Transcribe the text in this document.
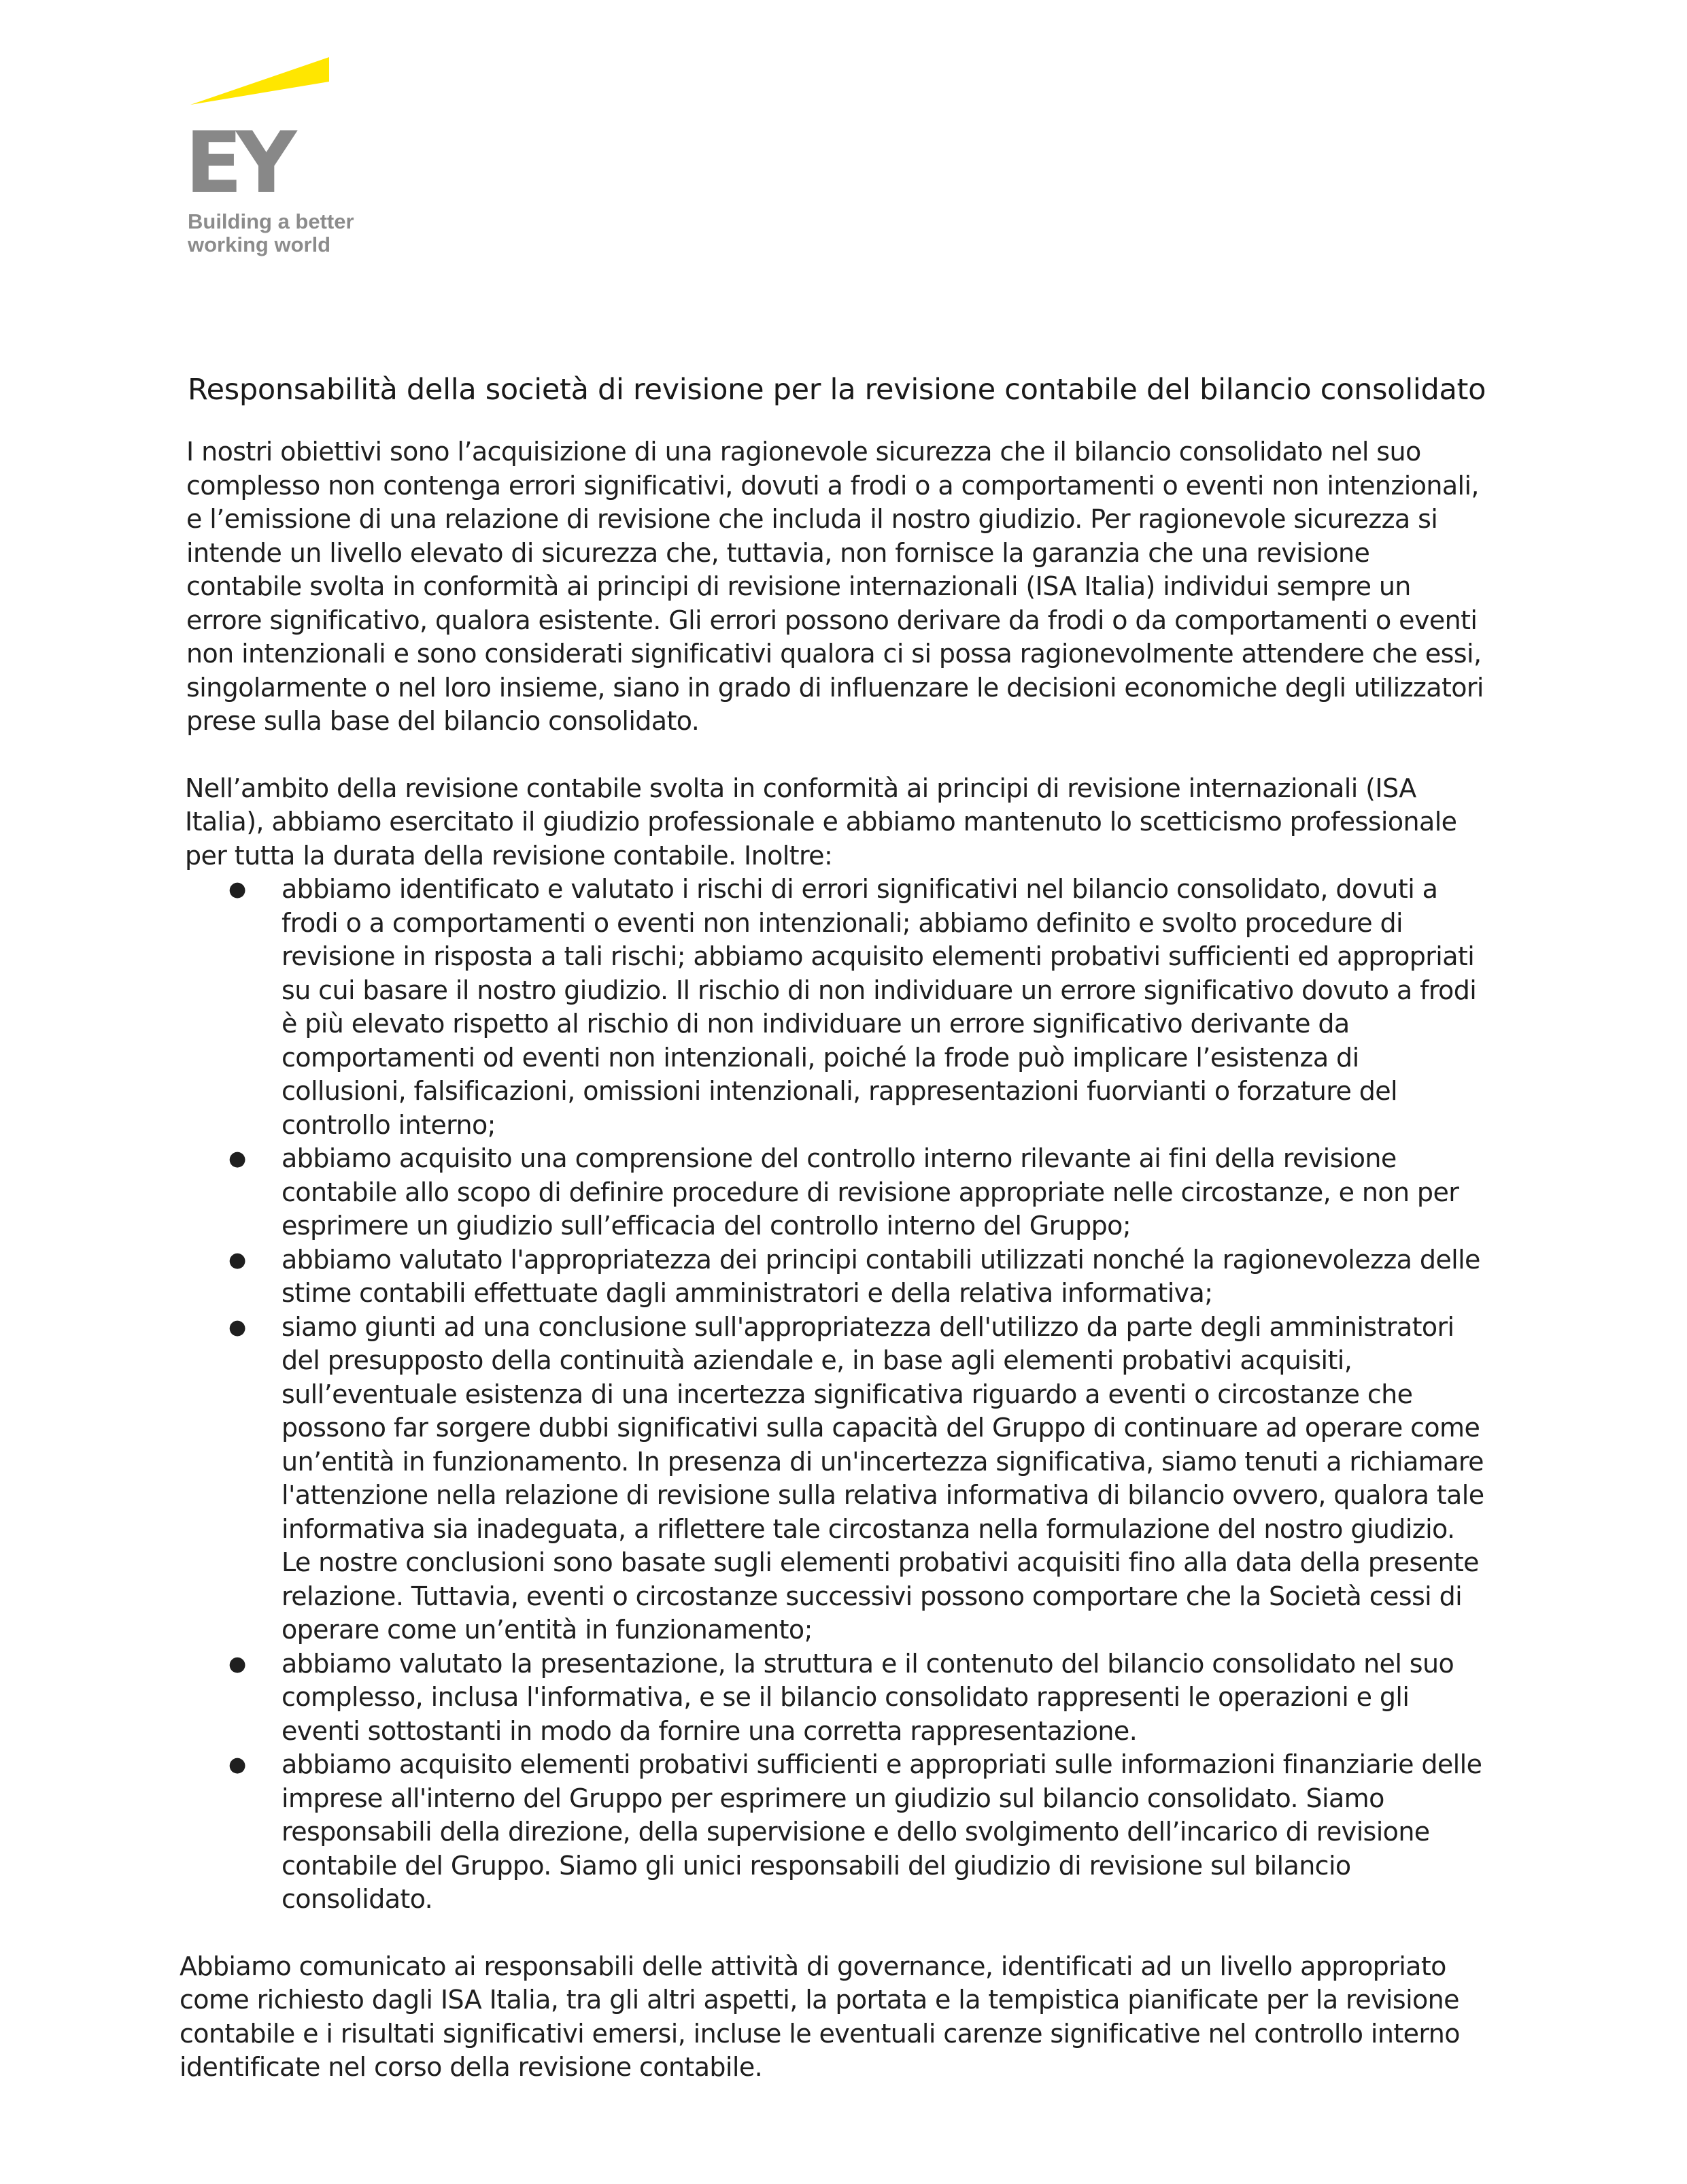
EY
Building a better working world
Responsabilità della società di revisione per la revisione contabile del bilancio consolidato

I nostri obiettivi sono l’acquisizione di una ragionevole sicurezza che il bilancio consolidato nel suo complesso non contenga errori significativi, dovuti a frodi o a comportamenti o eventi non intenzionali, e l’emissione di una relazione di revisione che includa il nostro giudizio. Per ragionevole sicurezza si intende un livello elevato di sicurezza che, tuttavia, non fornisce la garanzia che una revisione contabile svolta in conformità ai principi di revisione internazionali (ISA Italia) individui sempre un errore significativo, qualora esistente. Gli errori possono derivare da frodi o da comportamenti o eventi non intenzionali e sono considerati significativi qualora ci si possa ragionevolmente attendere che essi, singolarmente o nel loro insieme, siano in grado di influenzare le decisioni economiche degli utilizzatori prese sulla base del bilancio consolidato.

Nell’ambito della revisione contabile svolta in conformità ai principi di revisione internazionali (ISA Italia), abbiamo esercitato il giudizio professionale e abbiamo mantenuto lo scetticismo professionale per tutta la durata della revisione contabile. Inoltre:

● abbiamo identificato e valutato i rischi di errori significativi nel bilancio consolidato, dovuti a frodi o a comportamenti o eventi non intenzionali; abbiamo definito e svolto procedure di revisione in risposta a tali rischi; abbiamo acquisito elementi probativi sufficienti ed appropriati su cui basare il nostro giudizio. Il rischio di non individuare un errore significativo dovuto a frodi è più elevato rispetto al rischio di non individuare un errore significativo derivante da comportamenti od eventi non intenzionali, poiché la frode può implicare l’esistenza di collusioni, falsificazioni, omissioni intenzionali, rappresentazioni fuorvianti o forzature del controllo interno;
● abbiamo acquisito una comprensione del controllo interno rilevante ai fini della revisione contabile allo scopo di definire procedure di revisione appropriate nelle circostanze, e non per esprimere un giudizio sull’efficacia del controllo interno del Gruppo;
● abbiamo valutato l'appropriatezza dei principi contabili utilizzati nonché la ragionevolezza delle stime contabili effettuate dagli amministratori e della relativa informativa;
● siamo giunti ad una conclusione sull'appropriatezza dell'utilizzo da parte degli amministratori del presupposto della continuità aziendale e, in base agli elementi probativi acquisiti, sull’eventuale esistenza di una incertezza significativa riguardo a eventi o circostanze che possono far sorgere dubbi significativi sulla capacità del Gruppo di continuare ad operare come un’entità in funzionamento. In presenza di un'incertezza significativa, siamo tenuti a richiamare l'attenzione nella relazione di revisione sulla relativa informativa di bilancio ovvero, qualora tale informativa sia inadeguata, a riflettere tale circostanza nella formulazione del nostro giudizio. Le nostre conclusioni sono basate sugli elementi probativi acquisiti fino alla data della presente relazione. Tuttavia, eventi o circostanze successivi possono comportare che la Società cessi di operare come un’entità in funzionamento;
● abbiamo valutato la presentazione, la struttura e il contenuto del bilancio consolidato nel suo complesso, inclusa l'informativa, e se il bilancio consolidato rappresenti le operazioni e gli eventi sottostanti in modo da fornire una corretta rappresentazione.
● abbiamo acquisito elementi probativi sufficienti e appropriati sulle informazioni finanziarie delle imprese all'interno del Gruppo per esprimere un giudizio sul bilancio consolidato. Siamo responsabili della direzione, della supervisione e dello svolgimento dell’incarico di revisione contabile del Gruppo. Siamo gli unici responsabili del giudizio di revisione sul bilancio consolidato.

Abbiamo comunicato ai responsabili delle attività di governance, identificati ad un livello appropriato come richiesto dagli ISA Italia, tra gli altri aspetti, la portata e la tempistica pianificate per la revisione contabile e i risultati significativi emersi, incluse le eventuali carenze significative nel controllo interno identificate nel corso della revisione contabile.
